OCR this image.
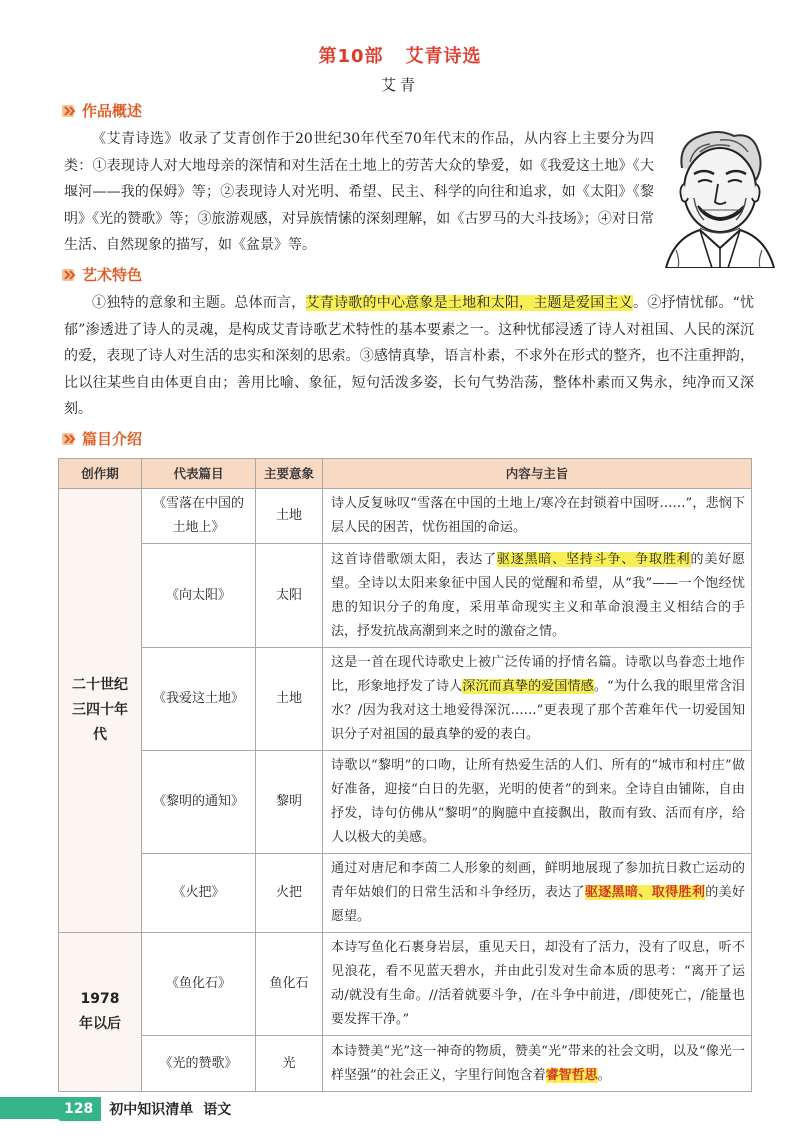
第10部 艾青诗选
艾青
作品概述
《艾青诗选》收录了艾青创作于20世纪30年代至70年代末的作品，从内容上主要分为四类：①表现诗人对大地母亲的深情和对生活在土地上的劳苦大众的挚爱，如《我爱这土地》《大堰河——我的保姆》等；②表现诗人对光明、希望、民主、科学的向往和追求，如《太阳》《黎明》《光的赞歌》等；③旅游观感，对异族情愫的深刻理解，如《古罗马的大斗技场》；④对日常生活、自然现象的描写，如《盆景》等。
艺术特色
①独特的意象和主题。总体而言，艾青诗歌的中心意象是土地和太阳，主题是爱国主义。②抒情忧郁。“忧郁”渗透进了诗人的灵魂，是构成艾青诗歌艺术特性的基本要素之一。这种忧郁浸透了诗人对祖国、人民的深沉的爱，表现了诗人对生活的忠实和深刻的思索。③感情真挚，语言朴素，不求外在形式的整齐，也不注重押韵，比以往某些自由体更自由；善用比喻、象征，短句活泼多姿，长句气势浩荡，整体朴素而又隽永，纯净而又深刻。
篇目介绍
创作期	代表篇目	主要意象	内容与主旨

二十世纪三四十年代	《雪落在中国的土地上》	土地	诗人反复咏叹“雪落在中国的土地上/寒冷在封锁着中国呀……”，悲悯下层人民的困苦，忧伤祖国的命运。
	《向太阳》	太阳	这首诗借歌颂太阳，表达了驱逐黑暗、坚持斗争、争取胜利的美好愿望。全诗以太阳来象征中国人民的觉醒和希望，从“我”——一个饱经忧患的知识分子的角度，采用革命现实主义和革命浪漫主义相结合的手法，抒发抗战高潮到来之时的激奋之情。
	《我爱这土地》	土地	这是一首在现代诗歌史上被广泛传诵的抒情名篇。诗歌以鸟眷恋土地作比，形象地抒发了诗人深沉而真挚的爱国情感。“为什么我的眼里常含泪水？/因为我对这土地爱得深沉……”更表现了那个苦难年代一切爱国知识分子对祖国的最真挚的爱的表白。
	《黎明的通知》	黎明	诗歌以“黎明”的口吻，让所有热爱生活的人们、所有的“城市和村庄”做好准备，迎接“白日的先驱，光明的使者”的到来。全诗自由铺陈，自由抒发，诗句仿佛从“黎明”的胸臆中直接飘出，散而有致、活而有序，给人以极大的美感。
	《火把》	火把	通过对唐尼和李茵二人形象的刻画，鲜明地展现了参加抗日救亡运动的青年姑娘们的日常生活和斗争经历，表达了驱逐黑暗、取得胜利的美好愿望。

1978年以后	《鱼化石》	鱼化石	本诗写鱼化石裹身岩层，重见天日，却没有了活力，没有了叹息，听不见浪花，看不见蓝天碧水，并由此引发对生命本质的思考：“离开了运动/就没有生命。//活着就要斗争，/在斗争中前进，/即使死亡，/能量也要发挥干净。”
	《光的赞歌》	光	本诗赞美“光”这一神奇的物质，赞美“光”带来的社会文明，以及“像光一样坚强”的社会正义，字里行间饱含着睿智哲思。
128	初中知识清单 语文
